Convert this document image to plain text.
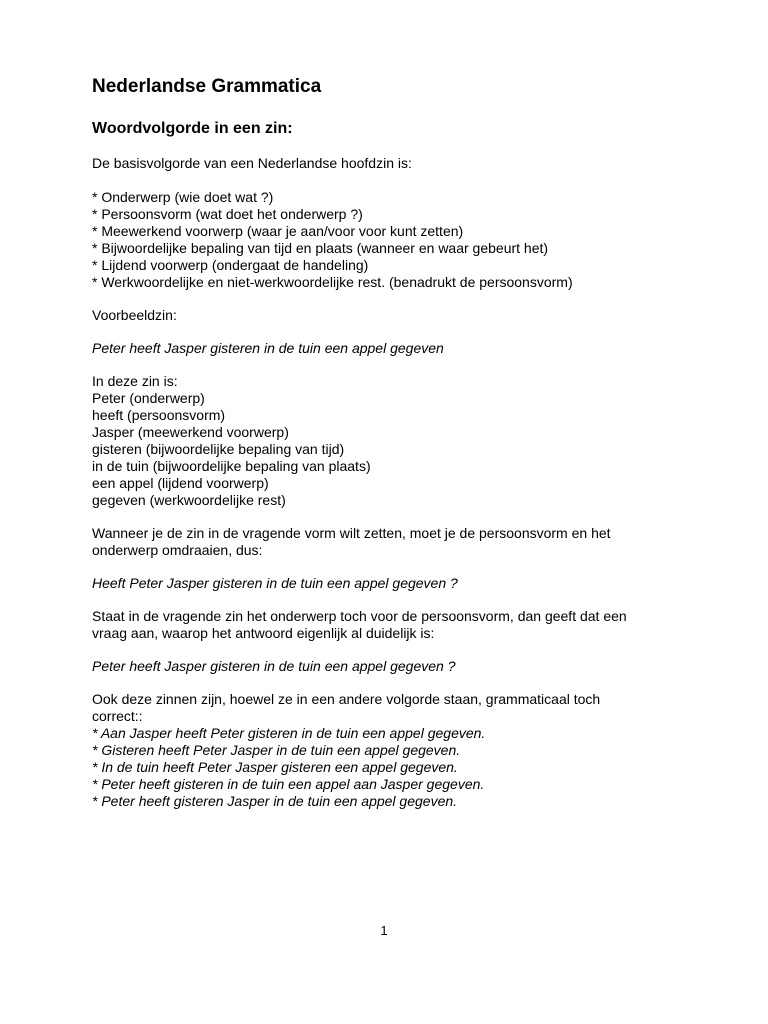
Nederlandse Grammatica
Woordvolgorde in een zin:

De basisvolgorde van een Nederlandse hoofdzin is:

* Onderwerp (wie doet wat ?)
* Persoonsvorm (wat doet het onderwerp ?)
* Meewerkend voorwerp (waar je aan/voor voor kunt zetten)
* Bijwoordelijke bepaling van tijd en plaats (wanneer en waar gebeurt het)
* Lijdend voorwerp (ondergaat de handeling)
* Werkwoordelijke en niet-werkwoordelijke rest. (benadrukt de persoonsvorm)

Voorbeeldzin:

Peter heeft Jasper gisteren in de tuin een appel gegeven

In deze zin is:

Peter (onderwerp)
heeft (persoonsvorm)
Jasper (meewerkend voorwerp)
gisteren (bijwoordelijke bepaling van tijd)
in de tuin (bijwoordelijke bepaling van plaats)
een appel (lijdend voorwerp)
gegeven (werkwoordelijke rest)

Wanneer je de zin in de vragende vorm wilt zetten, moet je de persoonsvorm en het

onderwerp omdraaien, dus:

Heeft Peter Jasper gisteren in de tuin een appel gegeven ?

Staat in de vragende zin het onderwerp toch voor de persoonsvorm, dan geeft dat een

vraag aan, waarop het antwoord eigenlijk al duidelijk is:

Peter heeft Jasper gisteren in de tuin een appel gegeven ?

Ook deze zinnen zijn, hoewel ze in een andere volgorde staan, grammaticaal toch

correct::

* Aan Jasper heeft Peter gisteren in de tuin een appel gegeven.
* Gisteren heeft Peter Jasper in de tuin een appel gegeven.
* In de tuin heeft Peter Jasper gisteren een appel gegeven.
* Peter heeft gisteren in de tuin een appel aan Jasper gegeven.
* Peter heeft gisteren Jasper in de tuin een appel gegeven.
1
